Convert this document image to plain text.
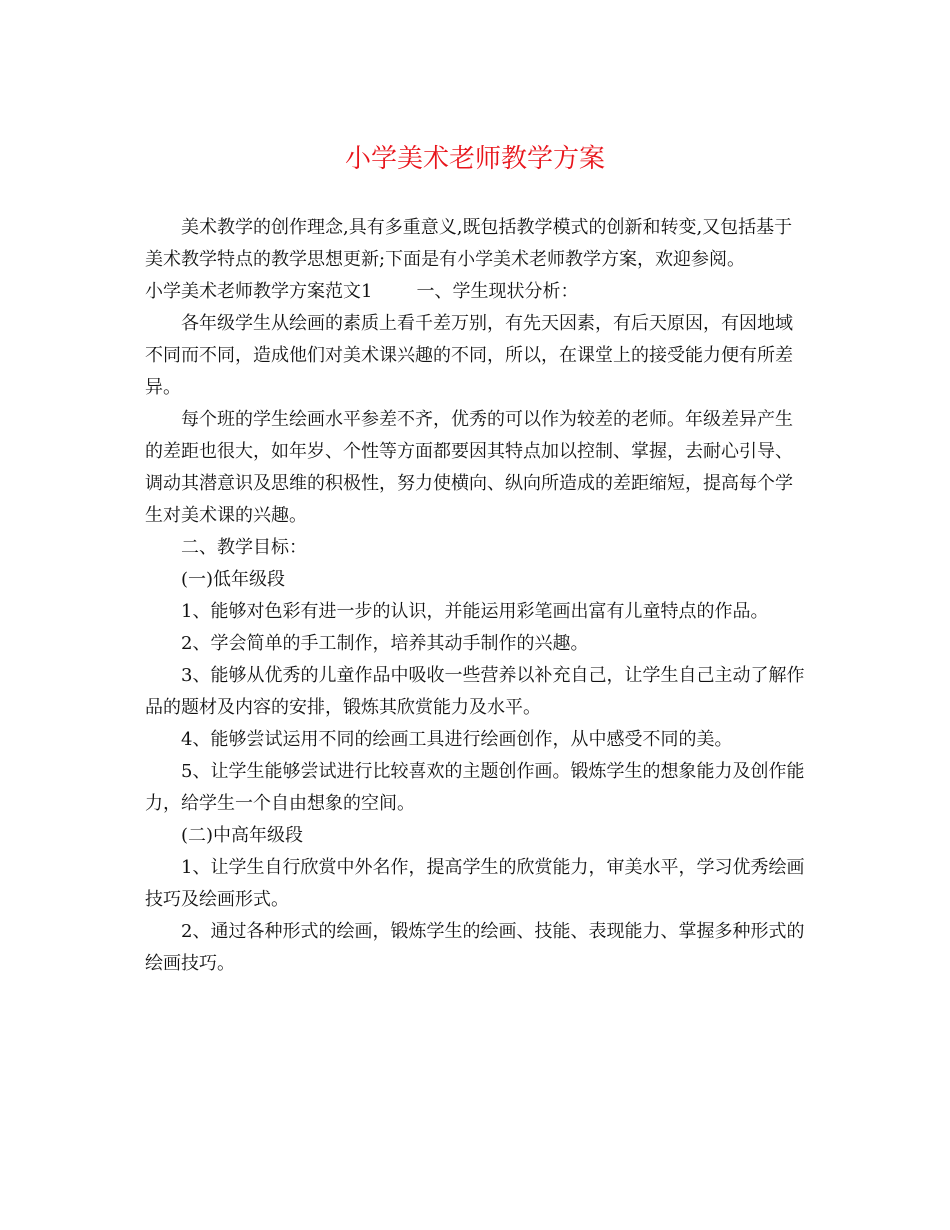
小学美术老师教学方案

美术教学的创作理念,具有多重意义,既包括教学模式的创新和转变,又包括基于美术教学特点的教学思想更新;下面是有小学美术老师教学方案，欢迎参阅。

小学美术老师教学方案范文1 一、学生现状分析：

各年级学生从绘画的素质上看千差万别，有先天因素，有后天原因，有因地域不同而不同，造成他们对美术课兴趣的不同，所以，在课堂上的接受能力便有所差异。

每个班的学生绘画水平参差不齐，优秀的可以作为较差的老师。年级差异产生的差距也很大，如年岁、个性等方面都要因其特点加以控制、掌握，去耐心引导、调动其潜意识及思维的积极性，努力使横向、纵向所造成的差距缩短，提高每个学生对美术课的兴趣。

二、教学目标：

(一)低年级段

1、能够对色彩有进一步的认识，并能运用彩笔画出富有儿童特点的作品。

2、学会简单的手工制作，培养其动手制作的兴趣。

3、能够从优秀的儿童作品中吸收一些营养以补充自己，让学生自己主动了解作品的题材及内容的安排，锻炼其欣赏能力及水平。

4、能够尝试运用不同的绘画工具进行绘画创作，从中感受不同的美。

5、让学生能够尝试进行比较喜欢的主题创作画。锻炼学生的想象能力及创作能力，给学生一个自由想象的空间。

(二)中高年级段

1、让学生自行欣赏中外名作，提高学生的欣赏能力，审美水平，学习优秀绘画技巧及绘画形式。

2、通过各种形式的绘画，锻炼学生的绘画、技能、表现能力、掌握多种形式的绘画技巧。
